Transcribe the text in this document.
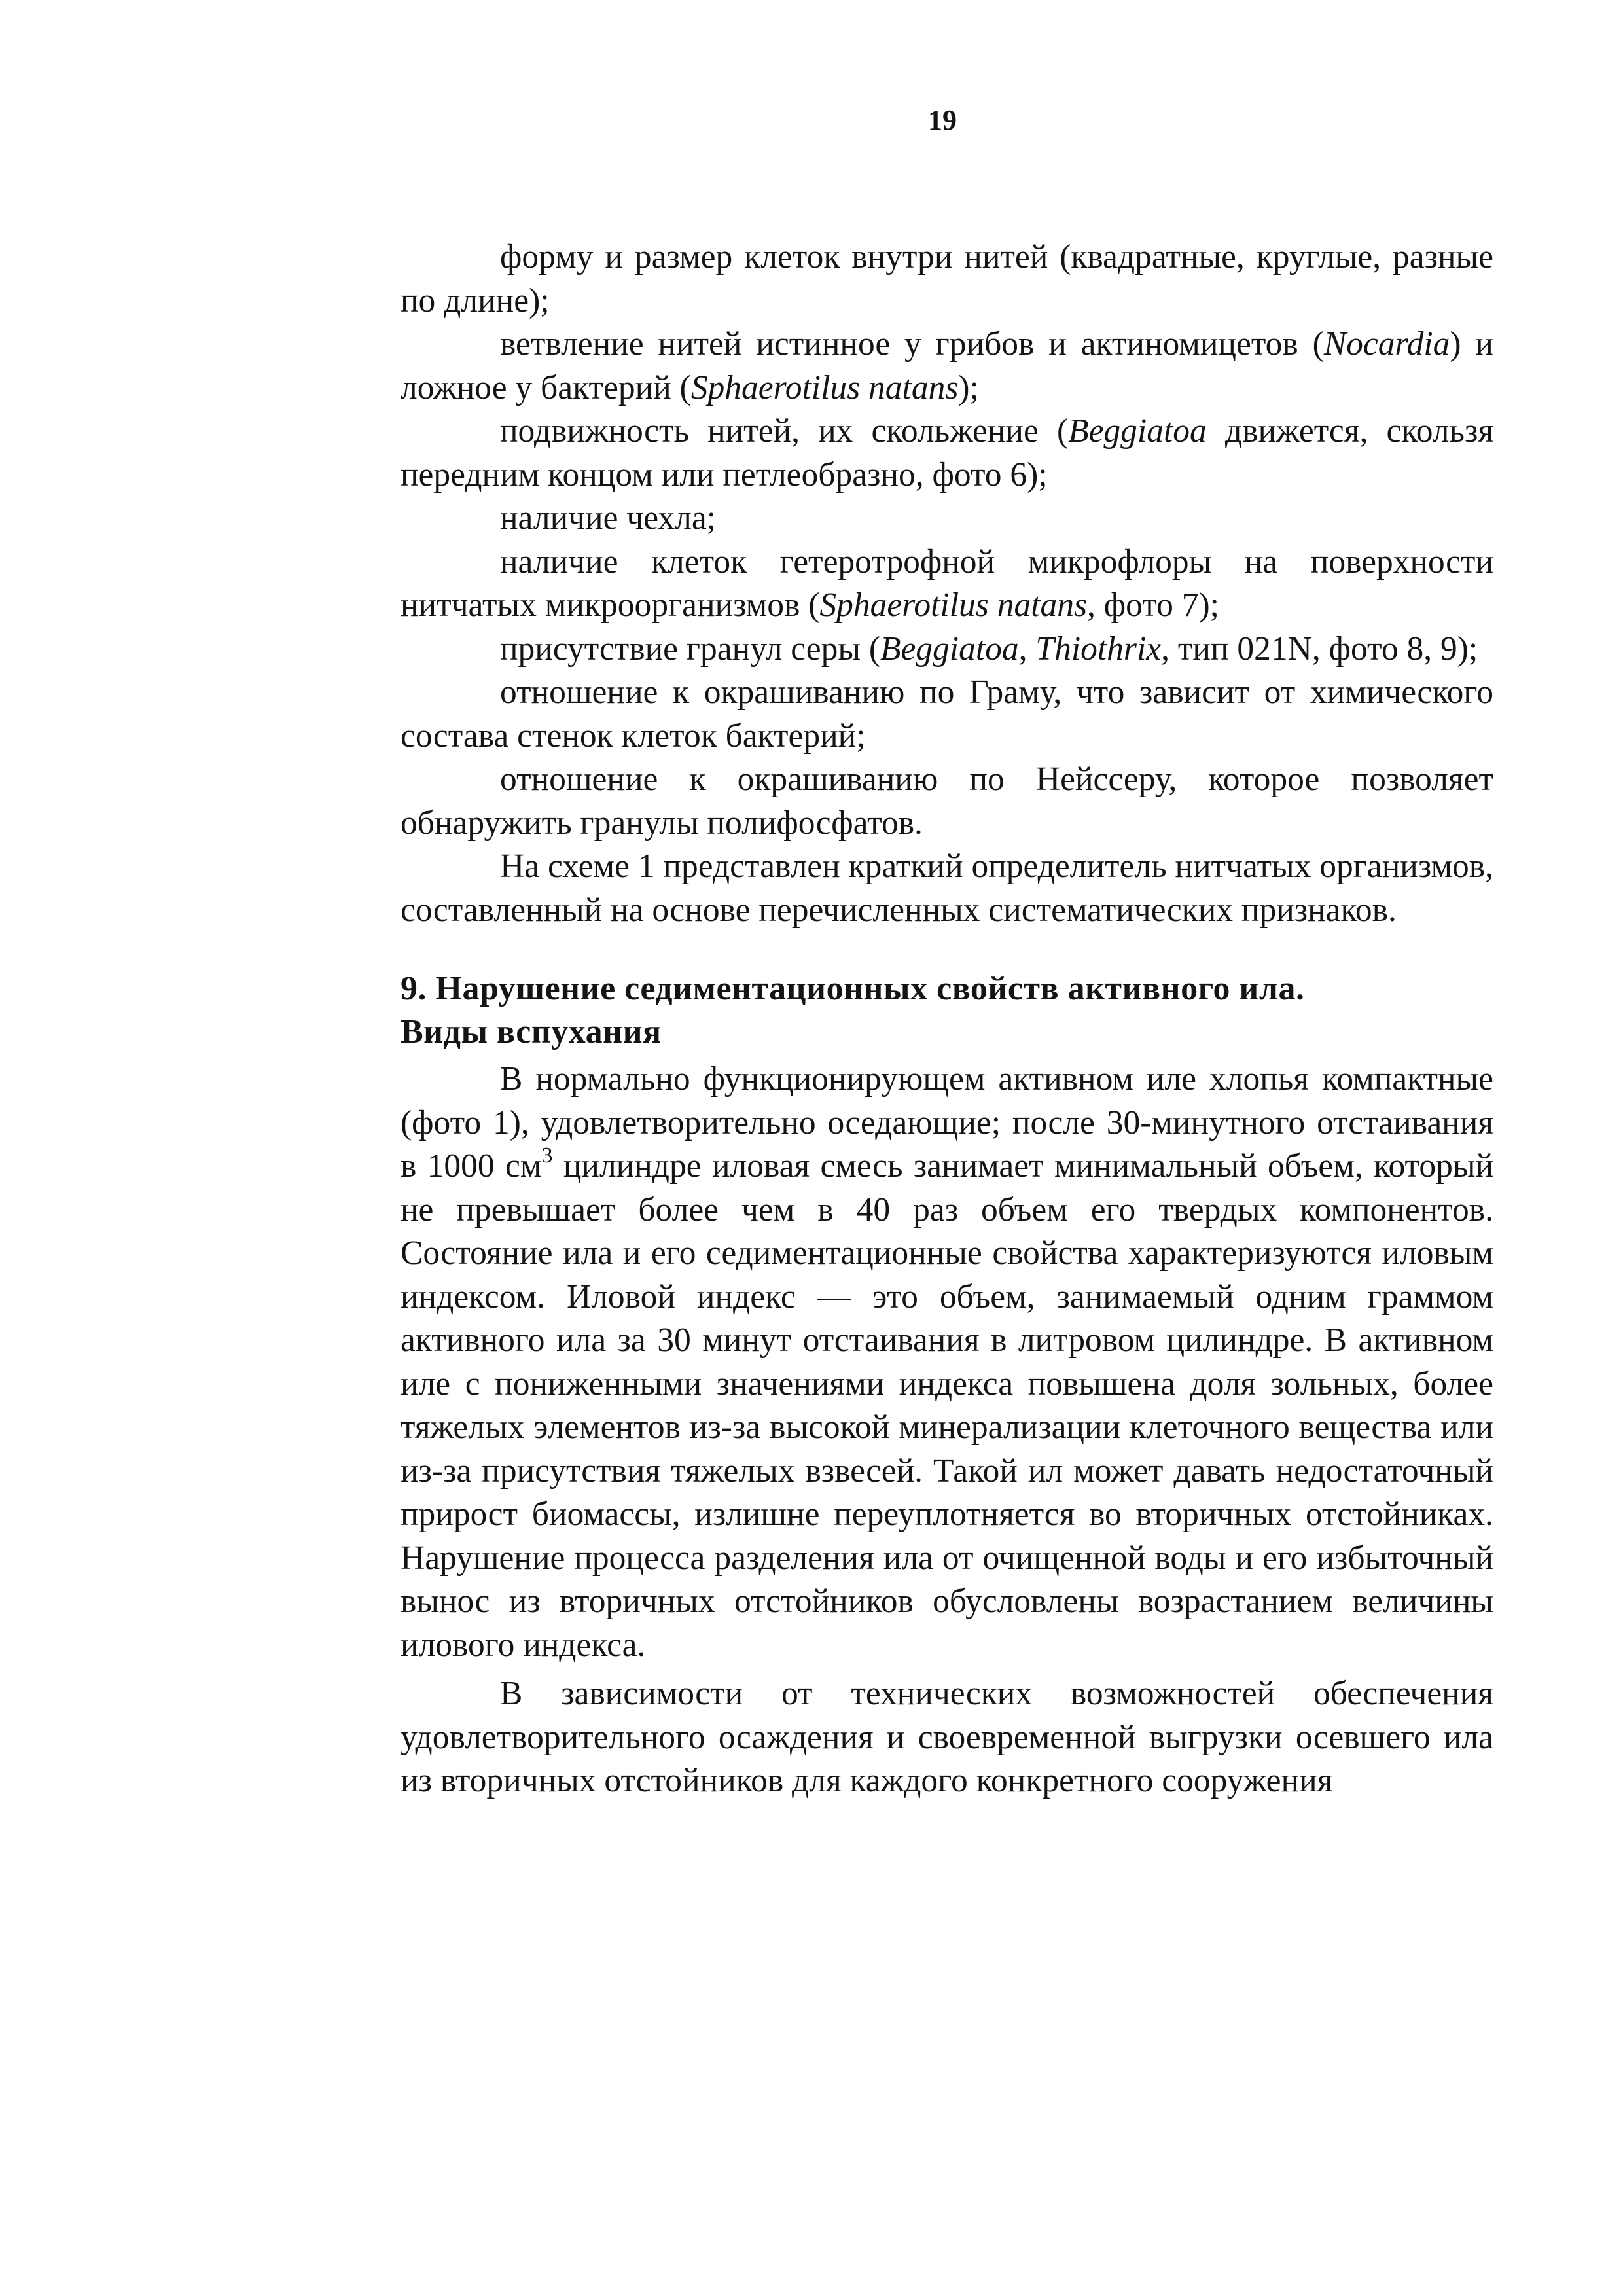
19

форму и размер клеток внутри нитей (квадратные, круглые, разные по длине);

ветвление нитей истинное у грибов и актиномицетов (Nocardia) и ложное у бактерий (Sphaerotilus natans);

подвижность нитей, их скольжение (Beggiatoa движется, скользя передним концом или петлеобразно, фото 6);

наличие чехла;

наличие клеток гетеротрофной микрофлоры на поверхности нитчатых микроорганизмов (Sphaerotilus natans, фото 7);

присутствие гранул серы (Beggiatoa, Thiothrix, тип 021N, фото 8, 9);

отношение к окрашиванию по Граму, что зависит от химического состава стенок клеток бактерий;

отношение к окрашиванию по Нейссеру, которое позволяет обнаружить гранулы полифосфатов.

На схеме 1 представлен краткий определитель нитчатых организмов, составленный на основе перечисленных систематических признаков.

9. Нарушение седиментационных свойств активного ила.
Виды вспухания

В нормально функционирующем активном иле хлопья компактные (фото 1), удовлетворительно оседающие; после 30-минутного отстаивания в 1000 $см^3$ цилиндре иловая смесь занимает минимальный объем, который не превышает более чем в 40 раз объем его твердых компонентов. Состояние ила и его седиментационные свойства характеризуются иловым индексом. Иловой индекс — это объем, занимаемый одним граммом активного ила за 30 минут отстаивания в литровом цилиндре. В активном иле с пониженными значениями индекса повышена доля зольных, более тяжелых элементов из-за высокой минерализации клеточного вещества или из-за присутствия тяжелых взвесей. Такой ил может давать недостаточный прирост биомассы, излишне переуплотняется во вторичных отстойниках. Нарушение процесса разделения ила от очищенной воды и его избыточный вынос из вторичных отстойников обусловлены возрастанием величины илового индекса.

В зависимости от технических возможностей обеспечения удовлетворительного осаждения и своевременной выгрузки осевшего ила из вторичных отстойников для каждого конкретного сооружения
